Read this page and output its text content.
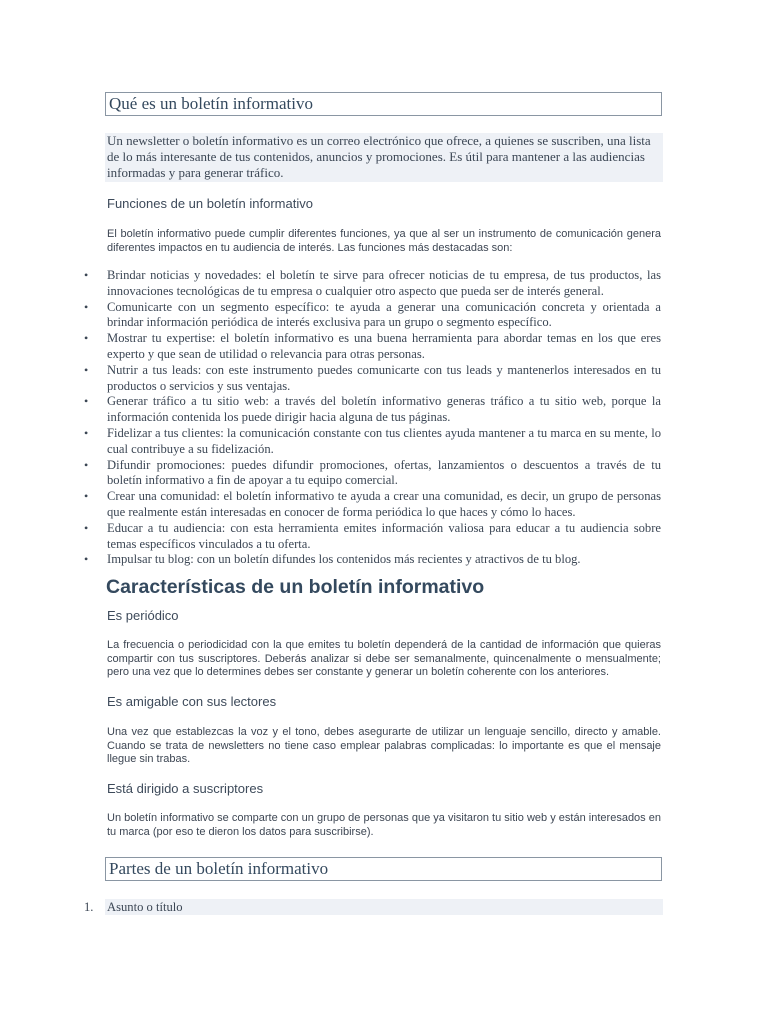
Qué es un boletín informativo
Un newsletter o boletín informativo es un correo electrónico que ofrece, a quienes se suscriben, una lista de lo más interesante de tus contenidos, anuncios y promociones. Es útil para mantener a las audiencias informadas y para generar tráfico.
Funciones de un boletín informativo
El boletín informativo puede cumplir diferentes funciones, ya que al ser un instrumento de comunicación genera diferentes impactos en tu audiencia de interés. Las funciones más destacadas son:
• Brindar noticias y novedades: el boletín te sirve para ofrecer noticias de tu empresa, de tus productos, las innovaciones tecnológicas de tu empresa o cualquier otro aspecto que pueda ser de interés general.
• Comunicarte con un segmento específico: te ayuda a generar una comunicación concreta y orientada a brindar información periódica de interés exclusiva para un grupo o segmento específico.
• Mostrar tu expertise: el boletín informativo es una buena herramienta para abordar temas en los que eres experto y que sean de utilidad o relevancia para otras personas.
• Nutrir a tus leads: con este instrumento puedes comunicarte con tus leads y mantenerlos interesados en tu productos o servicios y sus ventajas.
• Generar tráfico a tu sitio web: a través del boletín informativo generas tráfico a tu sitio web, porque la información contenida los puede dirigir hacia alguna de tus páginas.
• Fidelizar a tus clientes: la comunicación constante con tus clientes ayuda mantener a tu marca en su mente, lo cual contribuye a su fidelización.
• Difundir promociones: puedes difundir promociones, ofertas, lanzamientos o descuentos a través de tu boletín informativo a fin de apoyar a tu equipo comercial.
• Crear una comunidad: el boletín informativo te ayuda a crear una comunidad, es decir, un grupo de personas que realmente están interesadas en conocer de forma periódica lo que haces y cómo lo haces.
• Educar a tu audiencia: con esta herramienta emites información valiosa para educar a tu audiencia sobre temas específicos vinculados a tu oferta.
• Impulsar tu blog: con un boletín difundes los contenidos más recientes y atractivos de tu blog.
Características de un boletín informativo
Es periódico
La frecuencia o periodicidad con la que emites tu boletín dependerá de la cantidad de información que quieras compartir con tus suscriptores. Deberás analizar si debe ser semanalmente, quincenalmente o mensualmente; pero una vez que lo determines debes ser constante y generar un boletín coherente con los anteriores.
Es amigable con sus lectores
Una vez que establezcas la voz y el tono, debes asegurarte de utilizar un lenguaje sencillo, directo y amable. Cuando se trata de newsletters no tiene caso emplear palabras complicadas: lo importante es que el mensaje llegue sin trabas.
Está dirigido a suscriptores
Un boletín informativo se comparte con un grupo de personas que ya visitaron tu sitio web y están interesados en tu marca (por eso te dieron los datos para suscribirse).
Partes de un boletín informativo
1. Asunto o título
